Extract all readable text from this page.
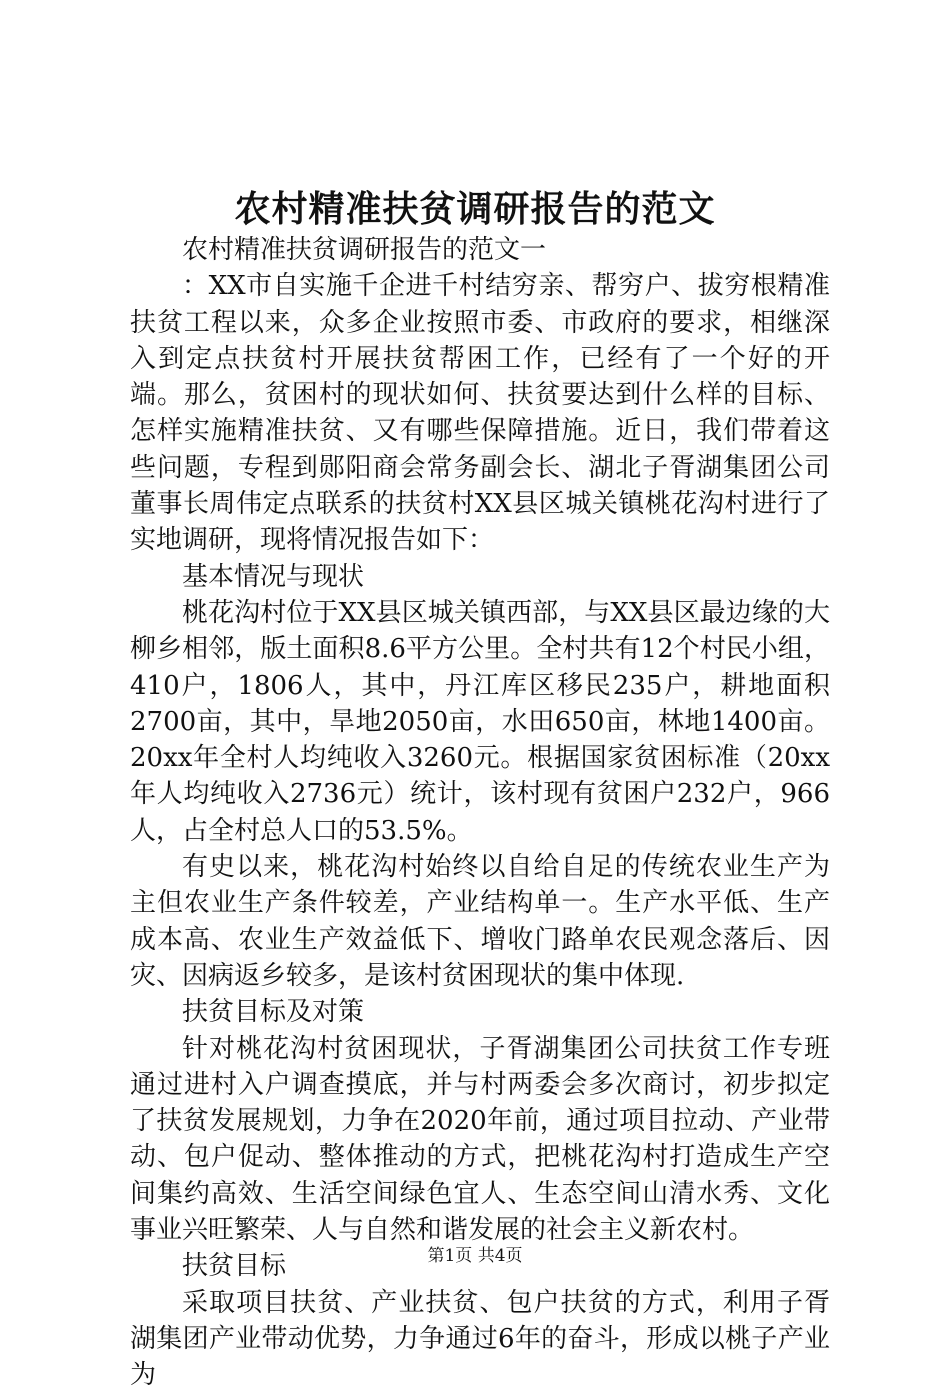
农村精准扶贫调研报告的范文

农村精准扶贫调研报告的范文一

：XX市自实施千企进千村结穷亲、帮穷户、拔穷根精准扶贫工程以来，众多企业按照市委、市政府的要求，相继深入到定点扶贫村开展扶贫帮困工作，已经有了一个好的开端。那么，贫困村的现状如何、扶贫要达到什么样的目标、怎样实施精准扶贫、又有哪些保障措施。近日，我们带着这些问题，专程到郧阳商会常务副会长、湖北子胥湖集团公司董事长周伟定点联系的扶贫村XX县区城关镇桃花沟村进行了实地调研，现将情况报告如下：

基本情况与现状

桃花沟村位于XX县区城关镇西部，与XX县区最边缘的大柳乡相邻，版土面积8.6平方公里。全村共有12个村民小组，410户，1806人，其中，丹江库区移民235户，耕地面积2700亩，其中，旱地2050亩，水田650亩，林地1400亩。20xx年全村人均纯收入3260元。根据国家贫困标准（20xx年人均纯收入2736元）统计，该村现有贫困户232户，966人，占全村总人口的53.5%。

有史以来，桃花沟村始终以自给自足的传统农业生产为主但农业生产条件较差，产业结构单一。生产水平低、生产成本高、农业生产效益低下、增收门路单农民观念落后、因灾、因病返乡较多，是该村贫困现状的集中体现.

扶贫目标及对策

针对桃花沟村贫困现状，子胥湖集团公司扶贫工作专班通过进村入户调查摸底，并与村两委会多次商讨，初步拟定了扶贫发展规划，力争在2020年前，通过项目拉动、产业带动、包户促动、整体推动的方式，把桃花沟村打造成生产空间集约高效、生活空间绿色宜人、生态空间山清水秀、文化事业兴旺繁荣、人与自然和谐发展的社会主义新农村。

扶贫目标

采取项目扶贫、产业扶贫、包户扶贫的方式，利用子胥湖集团产业带动优势，力争通过6年的奋斗，形成以桃子产业为

第1页 共4页
